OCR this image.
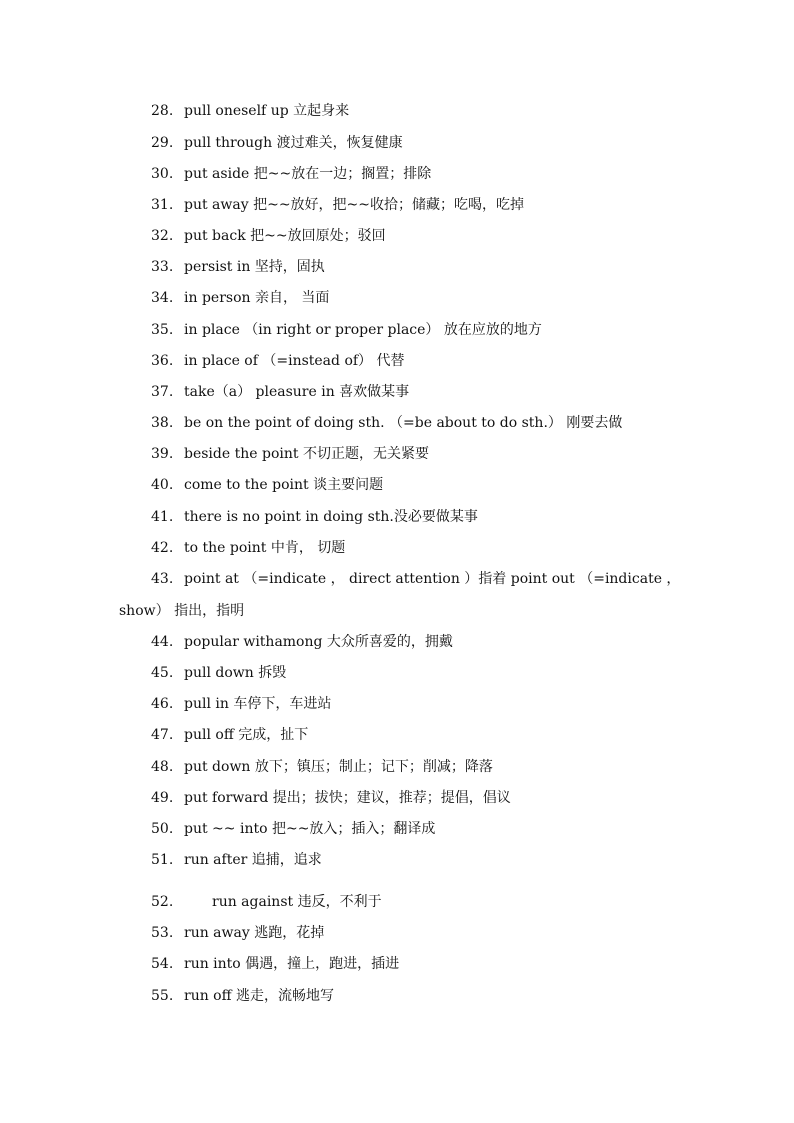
28. pull oneself up 立起身来
29. pull through 渡过难关，恢复健康
30. put aside 把~~放在一边；搁置；排除
31. put away 把~~放好，把~~收拾；储藏；吃喝，吃掉
32. put back 把~~放回原处；驳回
33. persist in 坚持，固执
34. in person 亲自， 当面
35. in place （in right or proper place） 放在应放的地方
36. in place of （=instead of） 代替
37. take（a） pleasure in 喜欢做某事
38. be on the point of doing sth. （=be about to do sth.） 刚要去做
39. beside the point 不切正题，无关紧要
40. come to the point 谈主要问题
41. there is no point in doing sth.没必要做某事
42. to the point 中肯， 切题
43. point at （=indicate ， direct attention ）指着 point out （=indicate ，
show） 指出，指明
44. popular withamong 大众所喜爱的，拥戴
45. pull down 拆毁
46. pull in 车停下，车进站
47. pull off 完成，扯下
48. put down 放下；镇压；制止；记下；削减；降落
49. put forward 提出；拔快；建议，推荐；提倡，倡议
50. put ~~ into 把~~放入；插入；翻译成
51. run after 追捕，追求
52.	run against 违反，不利于
53. run away 逃跑，花掉
54. run into 偶遇，撞上，跑进，插进
55. run off 逃走，流畅地写
